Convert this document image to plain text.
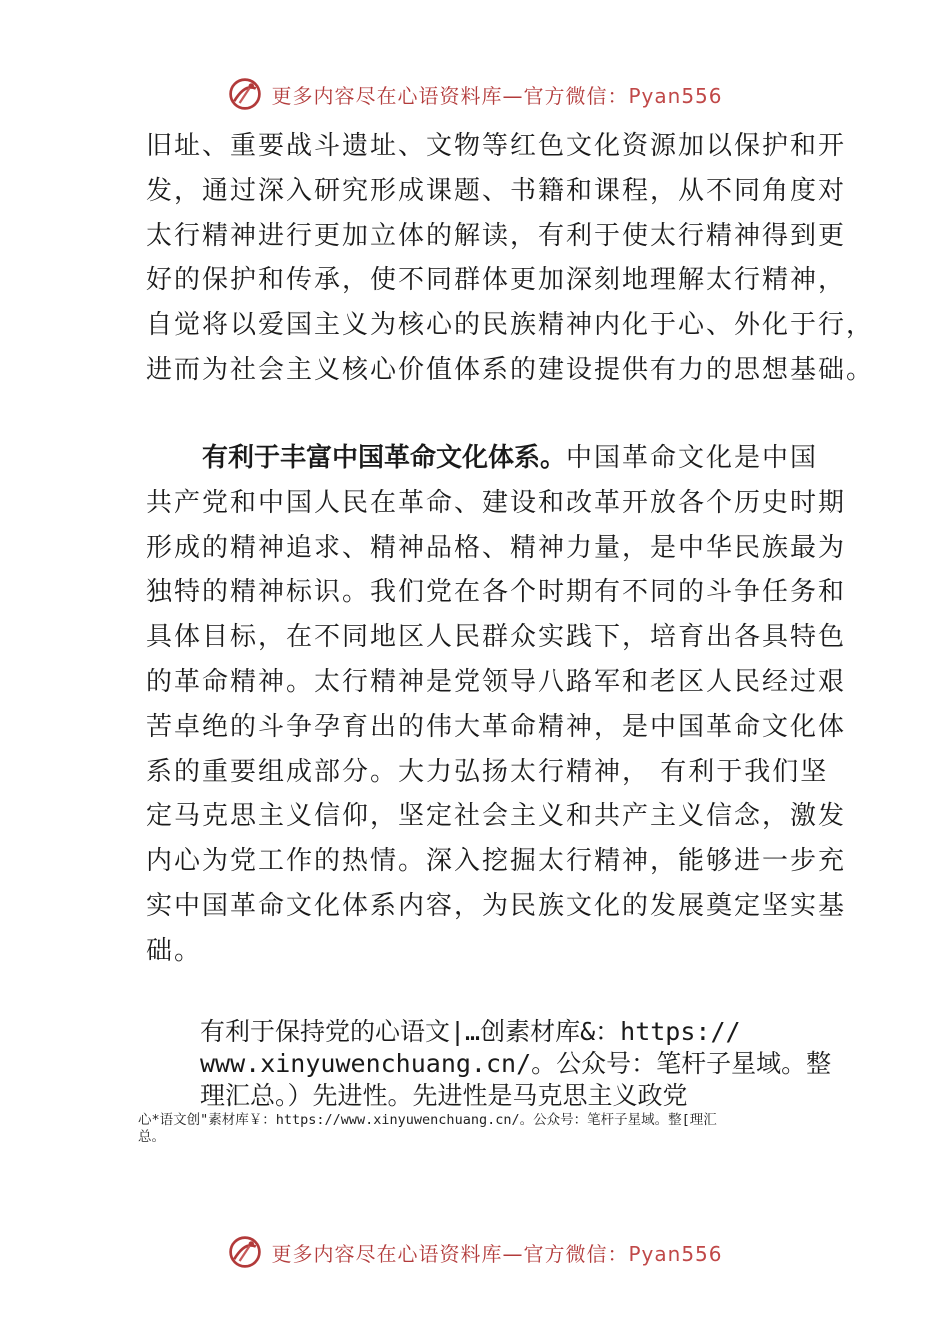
更多内容尽在心语资料库—官方微信：Pyan556
旧址、重要战斗遗址、文物等红色文化资源加以保护和开
发，通过深入研究形成课题、书籍和课程，从不同角度对
太行精神进行更加立体的解读，有利于使太行精神得到更
好的保护和传承，使不同群体更加深刻地理解太行精神，
自觉将以爱国主义为核心的民族精神内化于心、外化于行，
进而为社会主义核心价值体系的建设提供有力的思想基础。
有利于丰富中国革命文化体系。中国革命文化是中国
共产党和中国人民在革命、建设和改革开放各个历史时期
形成的精神追求、精神品格、精神力量，是中华民族最为
独特的精神标识。我们党在各个时期有不同的斗争任务和
具体目标，在不同地区人民群众实践下，培育出各具特色
的革命精神。太行精神是党领导八路军和老区人民经过艰
苦卓绝的斗争孕育出的伟大革命精神，是中国革命文化体
系的重要组成部分。大力弘扬太行精神， 有利于我们坚
定马克思主义信仰，坚定社会主义和共产主义信念，激发
内心为党工作的热情。深入挖掘太行精神，能够进一步充
实中国革命文化体系内容，为民族文化的发展奠定坚实基
础。
有利于保持党的心语文|…创素材库&：https://
www.xinyuwenchuang.cn/。公众号：笔杆子星域。整
理汇总。）先进性。先进性是马克思主义政党
心*语文创"素材库￥：https://www.xinyuwenchuang.cn/。公众号：笔杆子星域。整[理汇
总。
更多内容尽在心语资料库—官方微信：Pyan556
